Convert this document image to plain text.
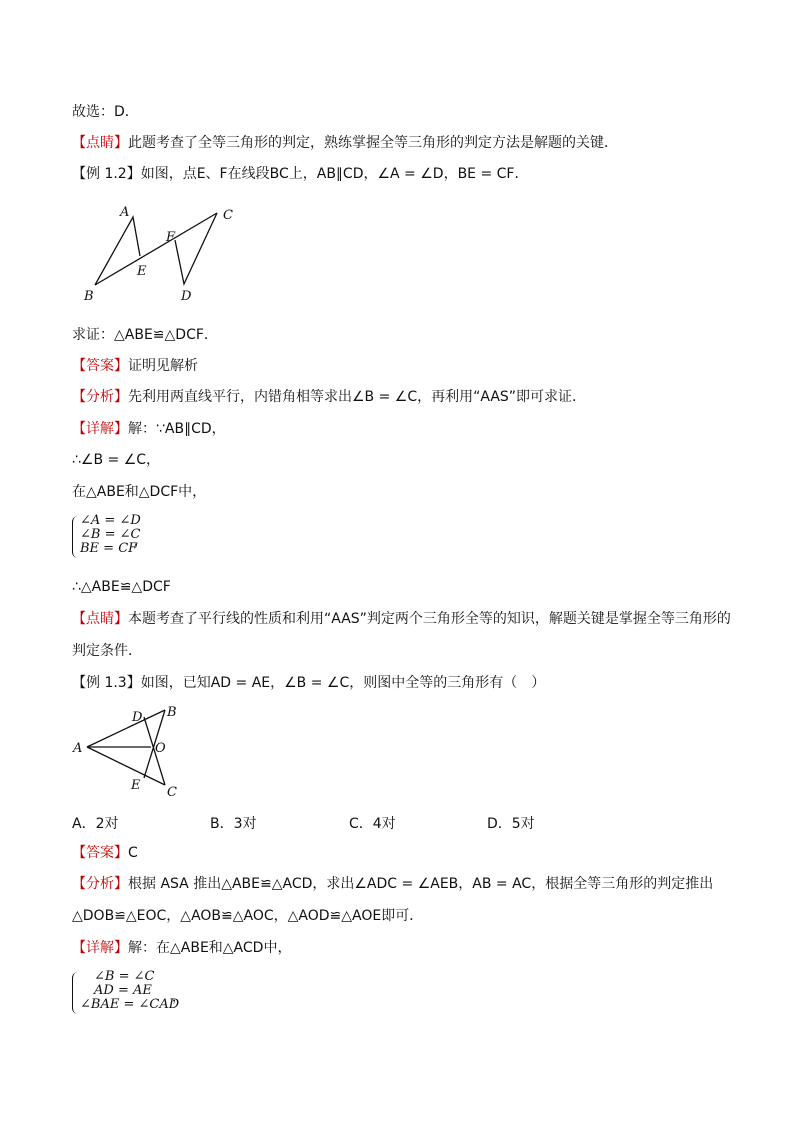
故选：D．
【点睛】此题考查了全等三角形的判定，熟练掌握全等三角形的判定方法是解题的关键．
【例 1.2】如图，点E、F在线段BC上，AB∥CD，∠A = ∠D，BE = CF．
A
B
C
D
E
F
求证：△ABE≌△DCF．
【答案】证明见解析
【分析】先利用两直线平行，内错角相等求出∠B = ∠C，再利用“AAS”即可求证．
【详解】解：∵AB∥CD，
∴∠B = ∠C，
在△ABE和△DCF中，
∠A = ∠D
∠B = ∠C
BE = CF
，
∴△ABE≌△DCF
【点睛】本题考查了平行线的性质和利用“AAS”判定两个三角形全等的知识，解题关键是掌握全等三角形的
判定条件．
【例 1.3】如图，已知AD = AE，∠B = ∠C，则图中全等的三角形有（　）
A
B
C
D
E
O
A．2对	B．3对	C．4对	D．5对
【答案】C
【分析】根据 ASA 推出△ABE≌△ACD，求出∠ADC = ∠AEB，AB = AC，根据全等三角形的判定推出
△DOB≌△EOC，△AOB≌△AOC，△AOD≌△AOE即可．
【详解】解：在△ABE和△ACD中，
∠B = ∠C
AD = AE
∠BAE = ∠CAD
，
